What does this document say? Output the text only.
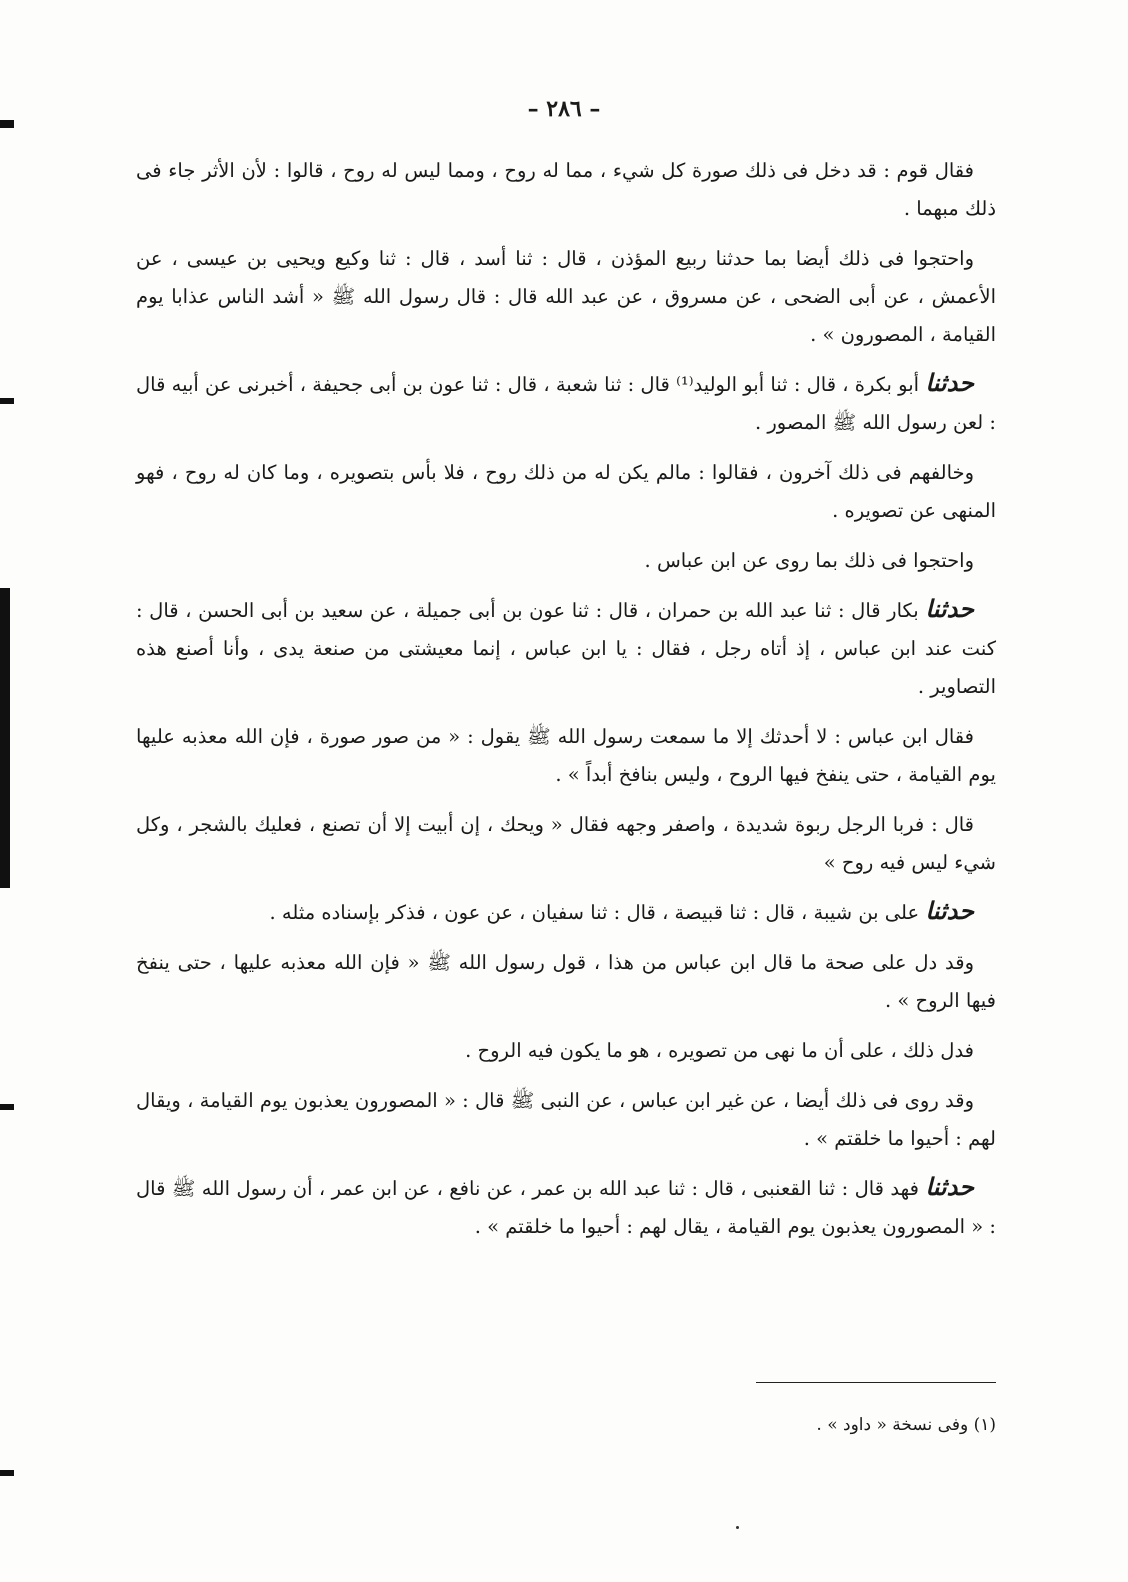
– ٢٨٦ –

فقال قوم : قد دخل فى ذلك صورة كل شيء ، مما له روح ، ومما ليس له روح ، قالوا : لأن الأثر جاء فى ذلك مبهما .

واحتجوا فى ذلك أيضا بما حدثنا ربيع المؤذن ، قال : ثنا أسد ، قال : ثنا وكيع ويحيى بن عيسى ، عن الأعمش ، عن أبى الضحى ، عن مسروق ، عن عبد الله قال : قال رسول الله ﷺ « أشد الناس عذابا يوم القيامة ، المصورون » .

حدثنا أبو بكرة ، قال : ثنا أبو الوليد⁽¹⁾ قال : ثنا شعبة ، قال : ثنا عون بن أبى جحيفة ، أخبرنى عن أبيه قال : لعن رسول الله ﷺ المصور .

وخالفهم فى ذلك آخرون ، فقالوا : مالم يكن له من ذلك روح ، فلا بأس بتصويره ، وما كان له روح ، فهو المنهى عن تصويره .

واحتجوا فى ذلك بما روى عن ابن عباس .

حدثنا بكار قال : ثنا عبد الله بن حمران ، قال : ثنا عون بن أبى جميلة ، عن سعيد بن أبى الحسن ، قال : كنت عند ابن عباس ، إذ أتاه رجل ، فقال : يا ابن عباس ، إنما معيشتى من صنعة يدى ، وأنا أصنع هذه التصاوير .

فقال ابن عباس : لا أحدثك إلا ما سمعت رسول الله ﷺ يقول : « من صور صورة ، فإن الله معذبه عليها يوم القيامة ، حتى ينفخ فيها الروح ، وليس بنافخ أبداً » .

قال : فربا الرجل ربوة شديدة ، واصفر وجهه فقال « ويحك ، إن أبيت إلا أن تصنع ، فعليك بالشجر ، وكل شيء ليس فيه روح »

حدثنا على بن شيبة ، قال : ثنا قبيصة ، قال : ثنا سفيان ، عن عون ، فذكر بإسناده مثله .

وقد دل على صحة ما قال ابن عباس من هذا ، قول رسول الله ﷺ « فإن الله معذبه عليها ، حتى ينفخ فيها الروح » .

فدل ذلك ، على أن ما نهى من تصويره ، هو ما يكون فيه الروح .

وقد روى فى ذلك أيضا ، عن غير ابن عباس ، عن النبى ﷺ قال : « المصورون يعذبون يوم القيامة ، ويقال لهم : أحيوا ما خلقتم » .

حدثنا فهد قال : ثنا القعنبى ، قال : ثنا عبد الله بن عمر ، عن نافع ، عن ابن عمر ، أن رسول الله ﷺ قال : « المصورون يعذبون يوم القيامة ، يقال لهم : أحيوا ما خلقتم » .

(١) وفى نسخة « داود » .
